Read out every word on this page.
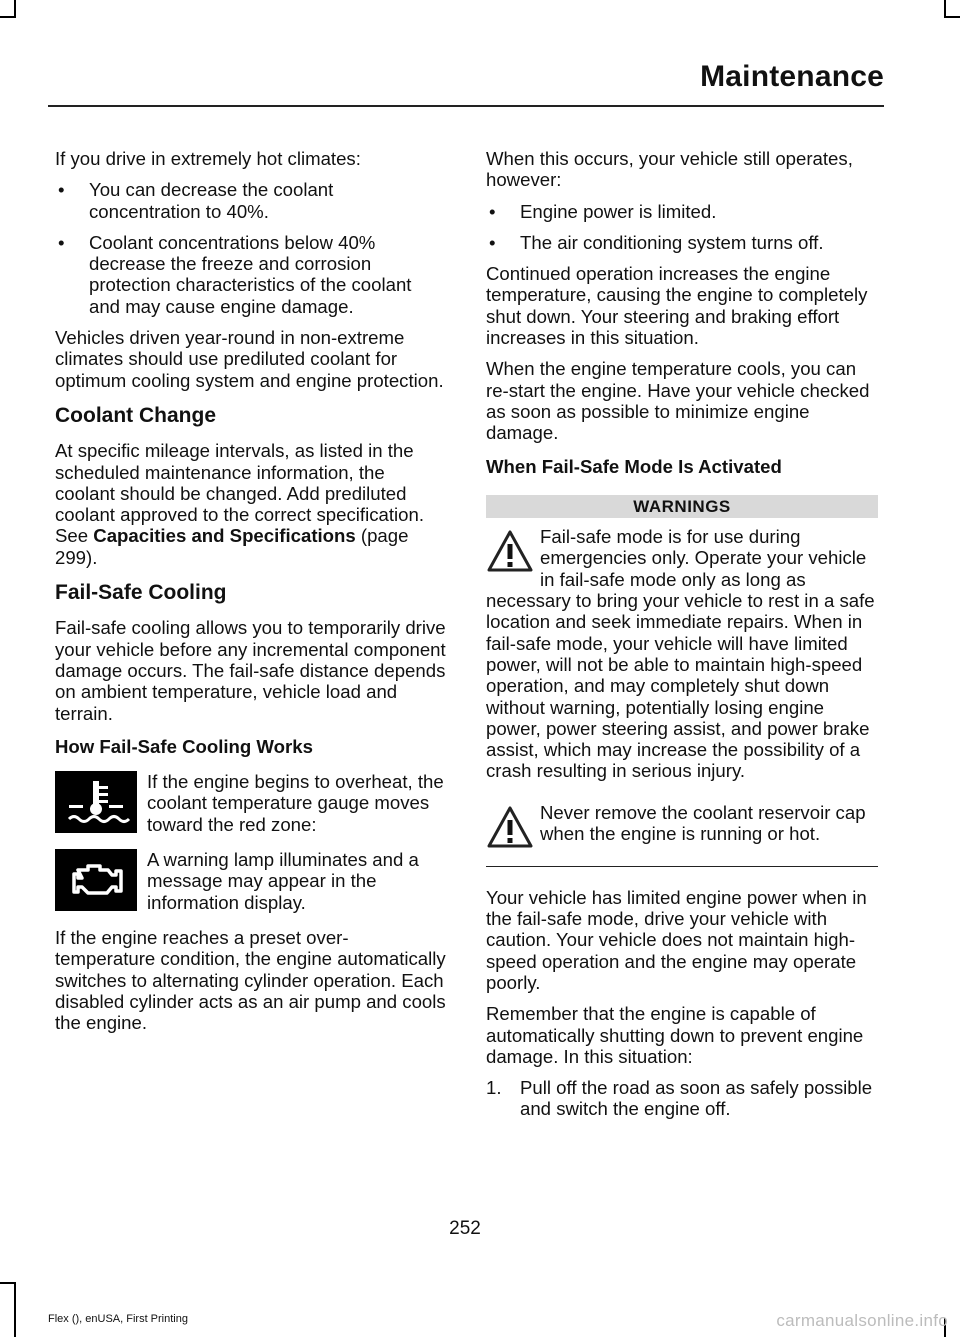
Maintenance

If you drive in extremely hot climates:

• You can decrease the coolant concentration to 40%.
• Coolant concentrations below 40% decrease the freeze and corrosion protection characteristics of the coolant and may cause engine damage.

Vehicles driven year-round in non-extreme climates should use prediluted coolant for optimum cooling system and engine protection.

Coolant Change

At specific mileage intervals, as listed in the scheduled maintenance information, the coolant should be changed. Add prediluted coolant approved to the correct specification. See Capacities and Specifications (page 299).

Fail-Safe Cooling

Fail-safe cooling allows you to temporarily drive your vehicle before any incremental component damage occurs. The fail-safe distance depends on ambient temperature, vehicle load and terrain.

How Fail-Safe Cooling Works
If the engine begins to overheat, the coolant temperature gauge moves toward the red zone:
A warning lamp illuminates and a message may appear in the information display.

If the engine reaches a preset over-temperature condition, the engine automatically switches to alternating cylinder operation. Each disabled cylinder acts as an air pump and cools the engine.

When this occurs, your vehicle still operates, however:

• Engine power is limited.
• The air conditioning system turns off.

Continued operation increases the engine temperature, causing the engine to completely shut down. Your steering and braking effort increases in this situation.

When the engine temperature cools, you can re-start the engine. Have your vehicle checked as soon as possible to minimize engine damage.

When Fail-Safe Mode Is Activated
WARNINGS
Fail-safe mode is for use during emergencies only. Operate your vehicle in fail-safe mode only as long as necessary to bring your vehicle to rest in a safe location and seek immediate repairs. When in fail-safe mode, your vehicle will have limited power, will not be able to maintain high-speed operation, and may completely shut down without warning, potentially losing engine power, power steering assist, and power brake assist, which may increase the possibility of a crash resulting in serious injury.
Never remove the coolant reservoir cap when the engine is running or hot.

Your vehicle has limited engine power when in the fail-safe mode, drive your vehicle with caution. Your vehicle does not maintain high-speed operation and the engine may operate poorly.

Remember that the engine is capable of automatically shutting down to prevent engine damage. In this situation:

1. Pull off the road as soon as safely possible and switch the engine off.
252
Flex (), enUSA, First Printing	carmanualsonline.info
